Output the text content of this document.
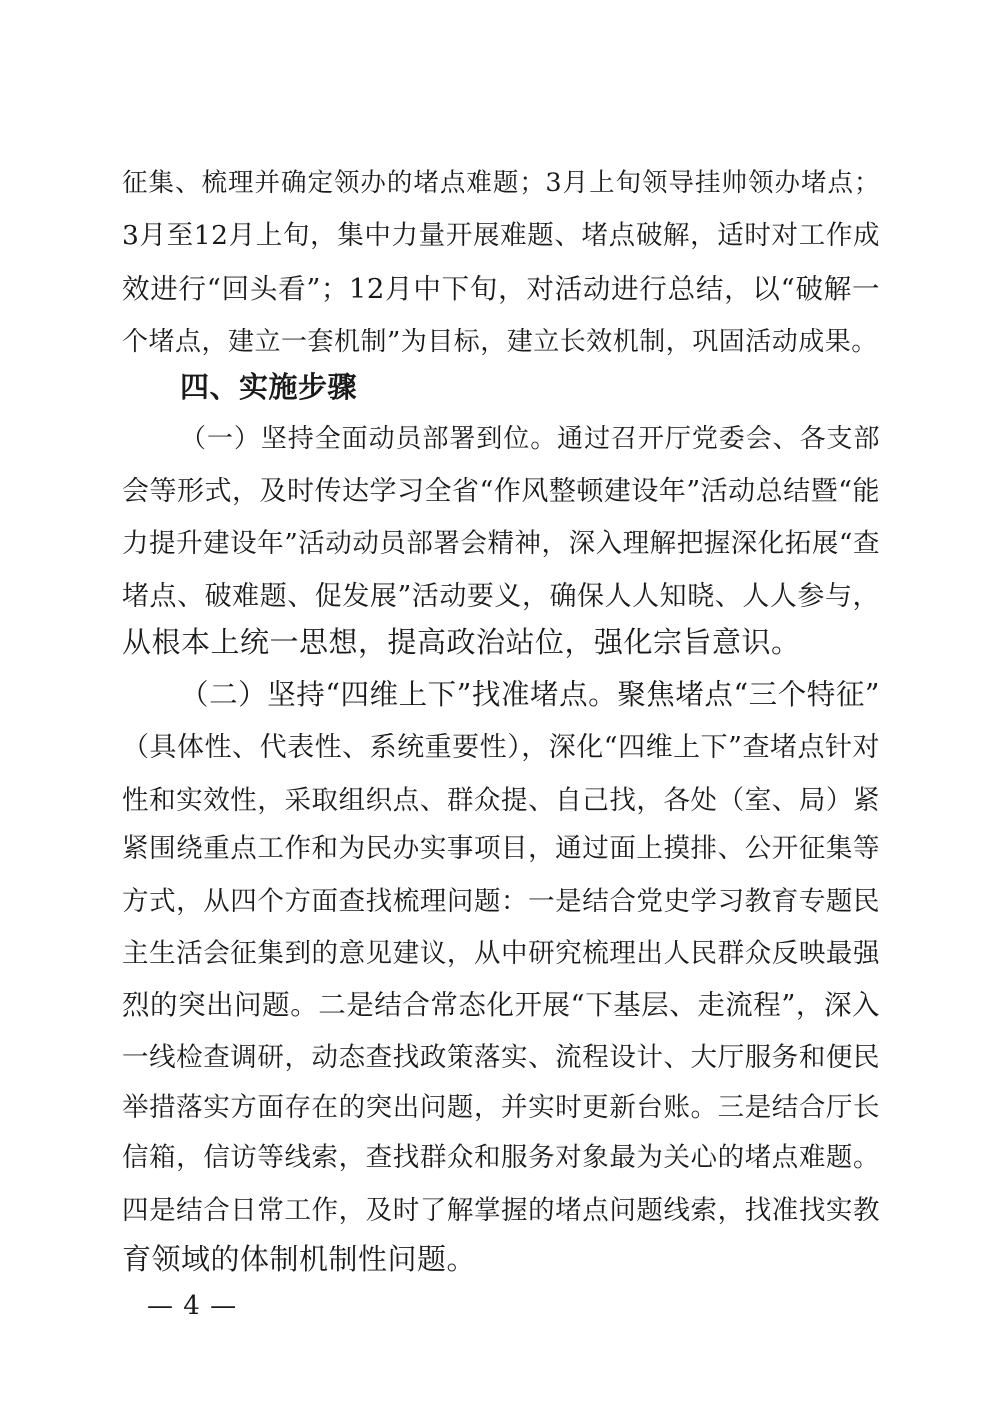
征集、梳理并确定领办的堵点难题；3月上旬领导挂帅领办堵点；
3月至12月上旬，集中力量开展难题、堵点破解，适时对工作成
效进行“回头看”；12月中下旬，对活动进行总结，以“破解一
个堵点，建立一套机制”为目标，建立长效机制，巩固活动成果。
四、实施步骤
（一）坚持全面动员部署到位。通过召开厅党委会、各支部
会等形式，及时传达学习全省“作风整顿建设年”活动总结暨“能
力提升建设年”活动动员部署会精神，深入理解把握深化拓展“查
堵点、破难题、促发展”活动要义，确保人人知晓、人人参与，
从根本上统一思想，提高政治站位，强化宗旨意识。
（二）坚持“四维上下”找准堵点。聚焦堵点“三个特征”
（具体性、代表性、系统重要性），深化“四维上下”查堵点针对
性和实效性，采取组织点、群众提、自己找，各处（室、局）紧
紧围绕重点工作和为民办实事项目，通过面上摸排、公开征集等
方式，从四个方面查找梳理问题：一是结合党史学习教育专题民
主生活会征集到的意见建议，从中研究梳理出人民群众反映最强
烈的突出问题。二是结合常态化开展“下基层、走流程”，深入
一线检查调研，动态查找政策落实、流程设计、大厅服务和便民
举措落实方面存在的突出问题，并实时更新台账。三是结合厅长
信箱，信访等线索，查找群众和服务对象最为关心的堵点难题。
四是结合日常工作，及时了解掌握的堵点问题线索，找准找实教
育领域的体制机制性问题。
— 4 —
